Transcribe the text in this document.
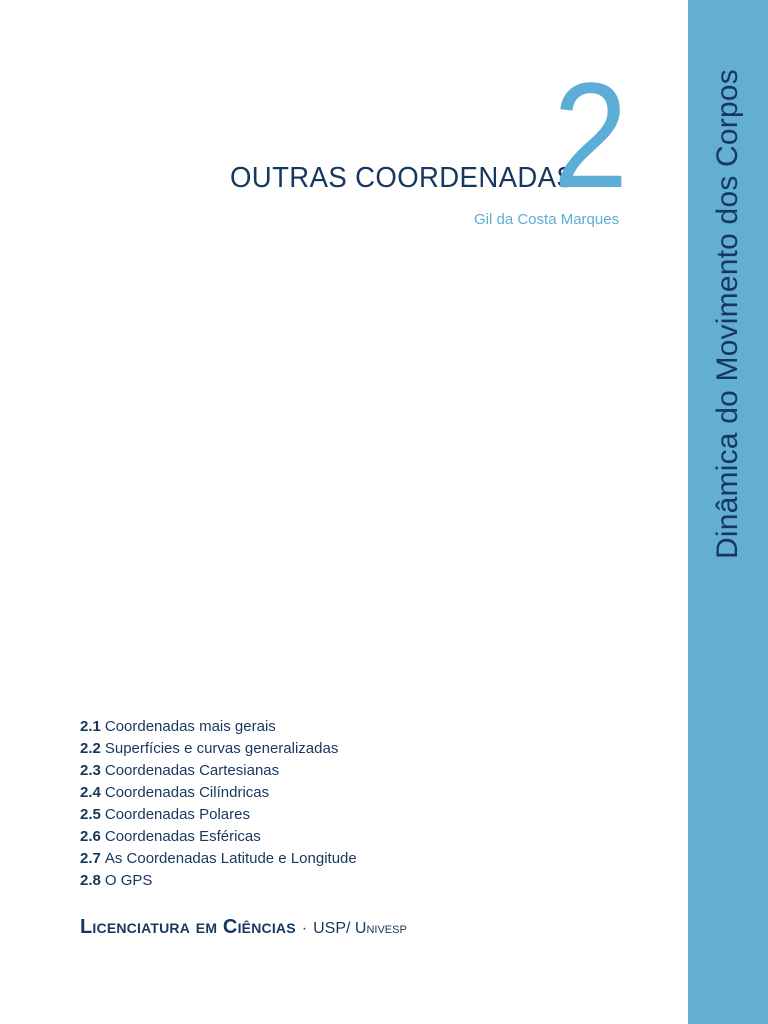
Dinâmica do Movimento dos Corpos
OUTRAS COORDENADAS
2
Gil da Costa Marques
2.1 Coordenadas mais gerais
2.2 Superfícies e curvas generalizadas
2.3 Coordenadas Cartesianas
2.4 Coordenadas Cilíndricas
2.5 Coordenadas Polares
2.6 Coordenadas Esféricas
2.7 As Coordenadas Latitude e Longitude
2.8 O GPS
Licenciatura em Ciências · USP/ Univesp
